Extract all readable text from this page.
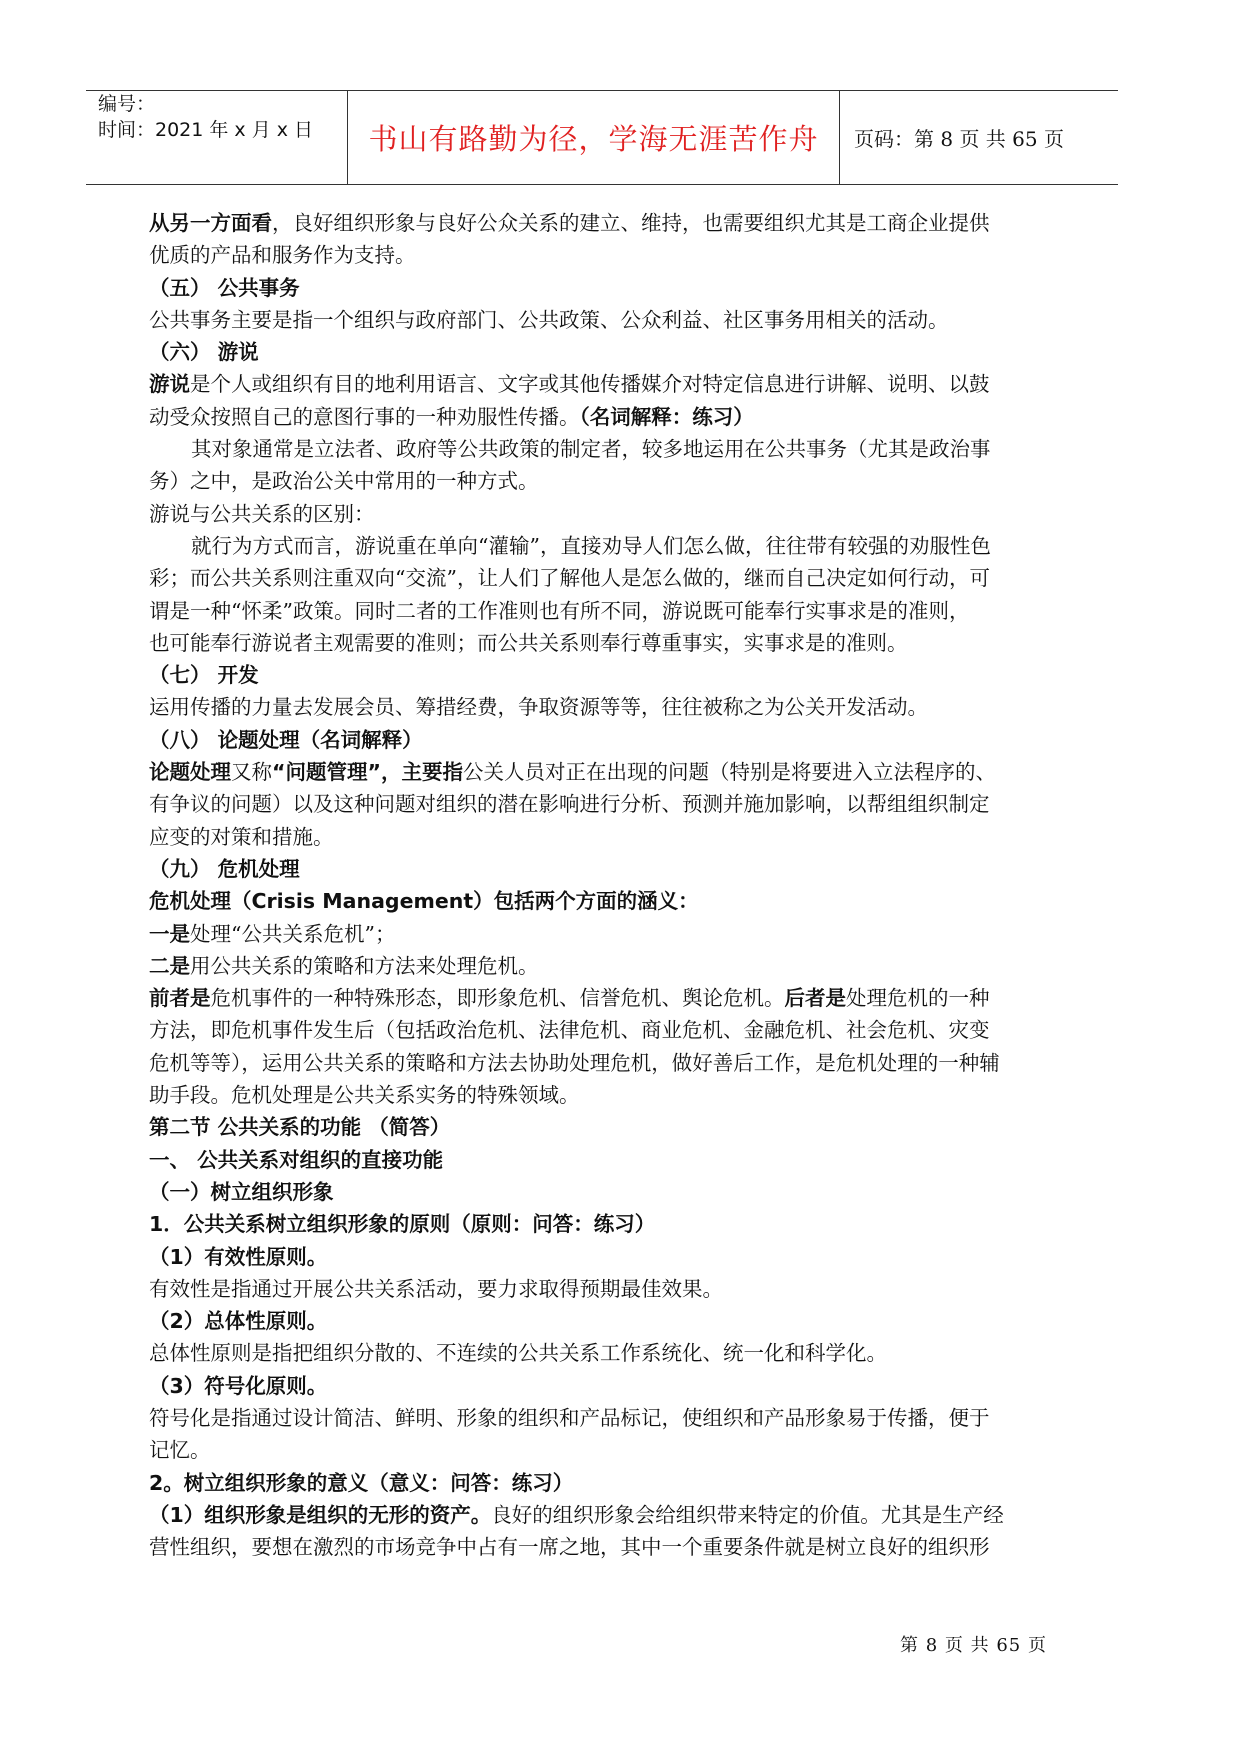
编号：
时间：2021 年 x 月 x 日	书山有路勤为径，学海无涯苦作舟 页码：第 8 页 共 65 页
从另一方面看，良好组织形象与良好公众关系的建立、维持，也需要组织尤其是工商企业提供
优质的产品和服务作为支持。
（五） 公共事务
公共事务主要是指一个组织与政府部门、公共政策、公众利益、社区事务用相关的活动。
（六） 游说
游说是个人或组织有目的地利用语言、文字或其他传播媒介对特定信息进行讲解、说明、以鼓
动受众按照自己的意图行事的一种劝服性传播。（名词解释：练习）
其对象通常是立法者、政府等公共政策的制定者，较多地运用在公共事务（尤其是政治事
务）之中，是政治公关中常用的一种方式。
游说与公共关系的区别：
就行为方式而言，游说重在单向“灌输”，直接劝导人们怎么做，往往带有较强的劝服性色
彩；而公共关系则注重双向“交流”，让人们了解他人是怎么做的，继而自己决定如何行动，可
谓是一种“怀柔”政策。同时二者的工作准则也有所不同，游说既可能奉行实事求是的准则，
也可能奉行游说者主观需要的准则；而公共关系则奉行尊重事实，实事求是的准则。
（七） 开发
运用传播的力量去发展会员、筹措经费，争取资源等等，往往被称之为公关开发活动。
（八） 论题处理（名词解释）
论题处理又称“问题管理”，主要指公关人员对正在出现的问题（特别是将要进入立法程序的、
有争议的问题）以及这种问题对组织的潜在影响进行分析、预测并施加影响，以帮组组织制定
应变的对策和措施。
（九） 危机处理
危机处理（Crisis Management）包括两个方面的涵义：
一是处理“公共关系危机”；
二是用公共关系的策略和方法来处理危机。
前者是危机事件的一种特殊形态，即形象危机、信誉危机、舆论危机。后者是处理危机的一种
方法，即危机事件发生后（包括政治危机、法律危机、商业危机、金融危机、社会危机、灾变
危机等等），运用公共关系的策略和方法去协助处理危机，做好善后工作，是危机处理的一种辅
助手段。危机处理是公共关系实务的特殊领域。
第二节 公共关系的功能 （简答）
一、 公共关系对组织的直接功能
（一）树立组织形象
1．公共关系树立组织形象的原则（原则：问答：练习）
（1）有效性原则。
有效性是指通过开展公共关系活动，要力求取得预期最佳效果。
（2）总体性原则。
总体性原则是指把组织分散的、不连续的公共关系工作系统化、统一化和科学化。
（3）符号化原则。
符号化是指通过设计简洁、鲜明、形象的组织和产品标记，使组织和产品形象易于传播，便于
记忆。
2。树立组织形象的意义（意义：问答：练习）
（1）组织形象是组织的无形的资产。良好的组织形象会给组织带来特定的价值。尤其是生产经
营性组织，要想在激烈的市场竞争中占有一席之地，其中一个重要条件就是树立良好的组织形
第 8 页 共 65 页
